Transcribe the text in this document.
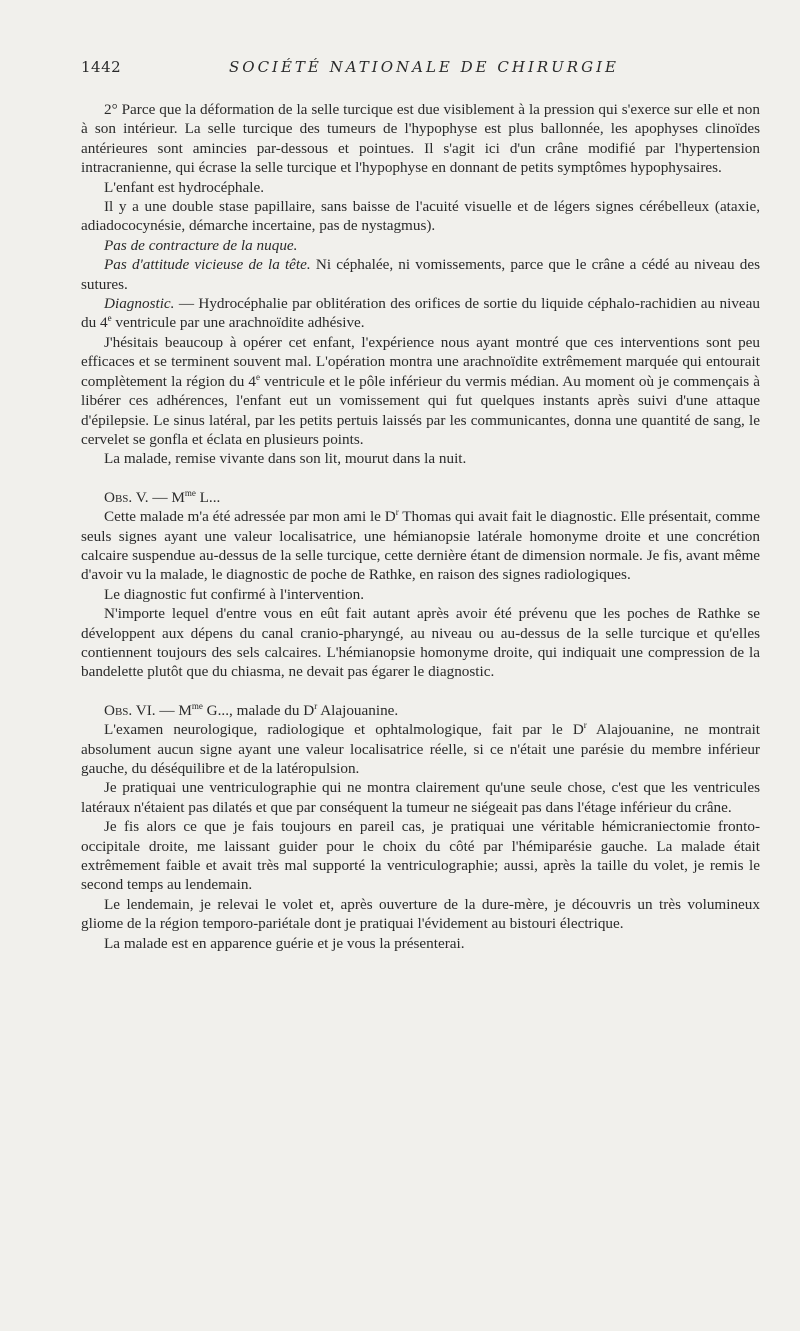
1442	SOCIÉTÉ NATIONALE DE CHIRURGIE

2° Parce que la déformation de la selle turcique est due visiblement à la pression qui s'exerce sur elle et non à son intérieur. La selle turcique des tumeurs de l'hypophyse est plus ballonnée, les apophyses clinoïdes antérieures sont amincies par-dessous et pointues. Il s'agit ici d'un crâne modifié par l'hypertension intracranienne, qui écrase la selle turcique et l'hypophyse en donnant de petits symptômes hypophysaires.

L'enfant est hydrocéphale.

Il y a une double stase papillaire, sans baisse de l'acuité visuelle et de légers signes cérébelleux (ataxie, adiadococynésie, démarche incertaine, pas de nystagmus).

Pas de contracture de la nuque.

Pas d'attitude vicieuse de la tête. Ni céphalée, ni vomissements, parce que le crâne a cédé au niveau des sutures.

Diagnostic. — Hydrocéphalie par oblitération des orifices de sortie du liquide céphalo-rachidien au niveau du 4e ventricule par une arachnoïdite adhésive.

J'hésitais beaucoup à opérer cet enfant, l'expérience nous ayant montré que ces interventions sont peu efficaces et se terminent souvent mal. L'opération montra une arachnoïdite extrêmement marquée qui entourait complètement la région du 4e ventricule et le pôle inférieur du vermis médian. Au moment où je commençais à libérer ces adhérences, l'enfant eut un vomissement qui fut quelques instants après suivi d'une attaque d'épilepsie. Le sinus latéral, par les petits pertuis laissés par les communicantes, donna une quantité de sang, le cervelet se gonfla et éclata en plusieurs points.

La malade, remise vivante dans son lit, mourut dans la nuit.

Obs. V. — $M^{me}$ L...

Cette malade m'a été adressée par mon ami le $D^r$ Thomas qui avait fait le diagnostic. Elle présentait, comme seuls signes ayant une valeur localisatrice, une hémianopsie latérale homonyme droite et une concrétion calcaire suspendue au-dessus de la selle turcique, cette dernière étant de dimension normale. Je fis, avant même d'avoir vu la malade, le diagnostic de poche de Rathke, en raison des signes radiologiques.

Le diagnostic fut confirmé à l'intervention.

N'importe lequel d'entre vous en eût fait autant après avoir été prévenu que les poches de Rathke se développent aux dépens du canal cranio-pharyngé, au niveau ou au-dessus de la selle turcique et qu'elles contiennent toujours des sels calcaires. L'hémianopsie homonyme droite, qui indiquait une compression de la bandelette plutôt que du chiasma, ne devait pas égarer le diagnostic.

Obs. VI. — $M^{me}$ G..., malade du $D^r$ Alajouanine.

L'examen neurologique, radiologique et ophtalmologique, fait par le $D^r$ Alajouanine, ne montrait absolument aucun signe ayant une valeur localisatrice réelle, si ce n'était une parésie du membre inférieur gauche, du déséquilibre et de la latéropulsion.

Je pratiquai une ventriculographie qui ne montra clairement qu'une seule chose, c'est que les ventricules latéraux n'étaient pas dilatés et que par conséquent la tumeur ne siégeait pas dans l'étage inférieur du crâne.

Je fis alors ce que je fais toujours en pareil cas, je pratiquai une véritable hémicraniectomie fronto-occipitale droite, me laissant guider pour le choix du côté par l'hémiparésie gauche. La malade était extrêmement faible et avait très mal supporté la ventriculographie; aussi, après la taille du volet, je remis le second temps au lendemain.

Le lendemain, je relevai le volet et, après ouverture de la dure-mère, je découvris un très volumineux gliome de la région temporo-pariétale dont je pratiquai l'évidement au bistouri électrique.

La malade est en apparence guérie et je vous la présenterai.
